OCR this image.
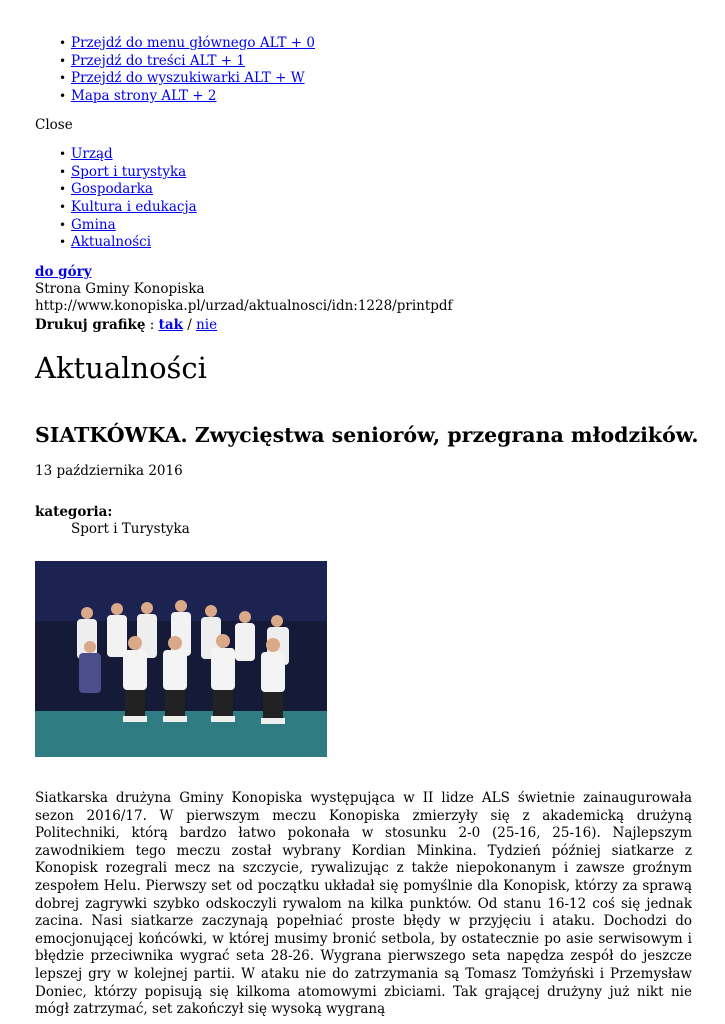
• Przejdź do menu głównego ALT + 0
• Przejdź do treści ALT + 1
• Przejdź do wyszukiwarki ALT + W
• Mapa strony ALT + 2
Close
• Urząd
• Sport i turystyka
• Gospodarka
• Kultura i edukacja
• Gmina
• Aktualności
do góry
Strona Gminy Konopiska
http://www.konopiska.pl/urzad/aktualnosci/idn:1228/printpdf
Drukuj grafikę : tak / nie
Aktualności
SIATKÓWKA. Zwycięstwa seniorów, przegrana młodzików.
13 października 2016
kategoria:
Sport i Turystyka

Siatkarska drużyna Gminy Konopiska występująca w II lidze ALS świetnie zainaugurowała sezon 2016/17. W pierwszym meczu Konopiska zmierzyły się z akademicką drużyną Politechniki, którą bardzo łatwo pokonała w stosunku 2-0 (25-16, 25-16). Najlepszym zawodnikiem tego meczu został wybrany Kordian Minkina. Tydzień później siatkarze z Konopisk rozegrali mecz na szczycie, rywalizując z także niepokonanym i zawsze groźnym zespołem Helu. Pierwszy set od początku układał się pomyślnie dla Konopisk, którzy za sprawą dobrej zagrywki szybko odskoczyli rywalom na kilka punktów. Od stanu 16-12 coś się jednak zacina. Nasi siatkarze zaczynają popełniać proste błędy w przyjęciu i ataku. Dochodzi do emocjonującej końcówki, w której musimy bronić setbola, by ostatecznie po asie serwisowym i błędzie przeciwnika wygrać seta 28-26. Wygrana pierwszego seta napędza zespół do jeszcze lepszej gry w kolejnej partii. W ataku nie do zatrzymania są Tomasz Tomżyński i Przemysław Doniec, którzy popisują się kilkoma atomowymi zbiciami. Tak grającej drużyny już nikt nie mógł zatrzymać, set zakończył się wysoką wygraną
